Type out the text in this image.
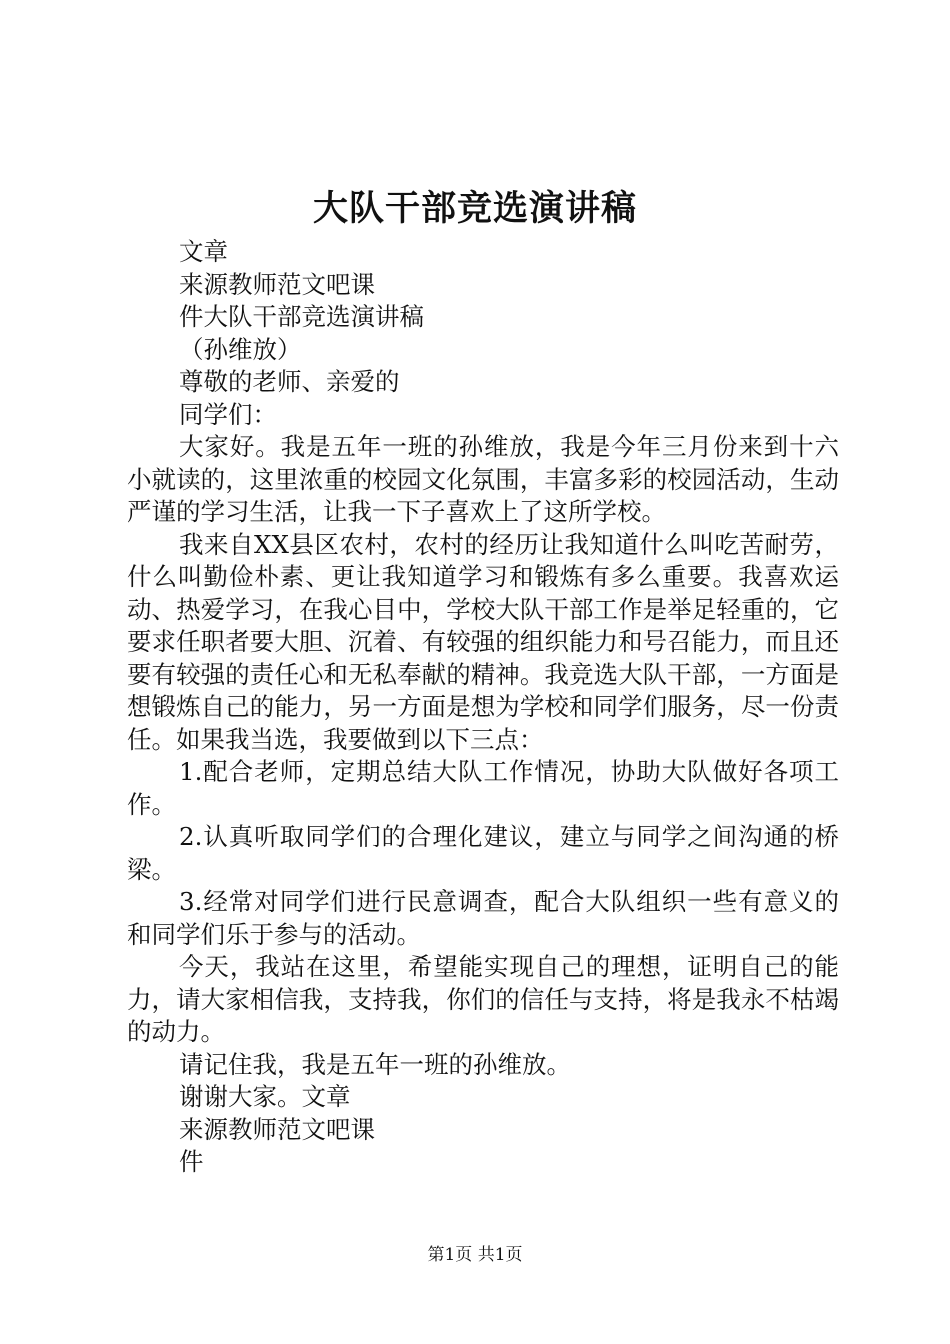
大队干部竞选演讲稿
文章
来源教师范文吧课
件大队干部竞选演讲稿
（孙维放）
尊敬的老师、亲爱的
同学们：

大家好。我是五年一班的孙维放，我是今年三月份来到十六小就读的，这里浓重的校园文化氛围，丰富多彩的校园活动，生动严谨的学习生活，让我一下子喜欢上了这所学校。

我来自XX县区农村，农村的经历让我知道什么叫吃苦耐劳，什么叫勤俭朴素、更让我知道学习和锻炼有多么重要。我喜欢运动、热爱学习，在我心目中，学校大队干部工作是举足轻重的，它要求任职者要大胆、沉着、有较强的组织能力和号召能力，而且还要有较强的责任心和无私奉献的精神。我竞选大队干部，一方面是想锻炼自己的能力，另一方面是想为学校和同学们服务，尽一份责任。如果我当选，我要做到以下三点：

1.配合老师，定期总结大队工作情况，协助大队做好各项工作。

2.认真听取同学们的合理化建议，建立与同学之间沟通的桥梁。

3.经常对同学们进行民意调查，配合大队组织一些有意义的和同学们乐于参与的活动。

今天，我站在这里，希望能实现自己的理想，证明自己的能力，请大家相信我，支持我，你们的信任与支持，将是我永不枯竭的动力。

请记住我，我是五年一班的孙维放。
谢谢大家。文章
来源教师范文吧课
件
第1页 共1页
